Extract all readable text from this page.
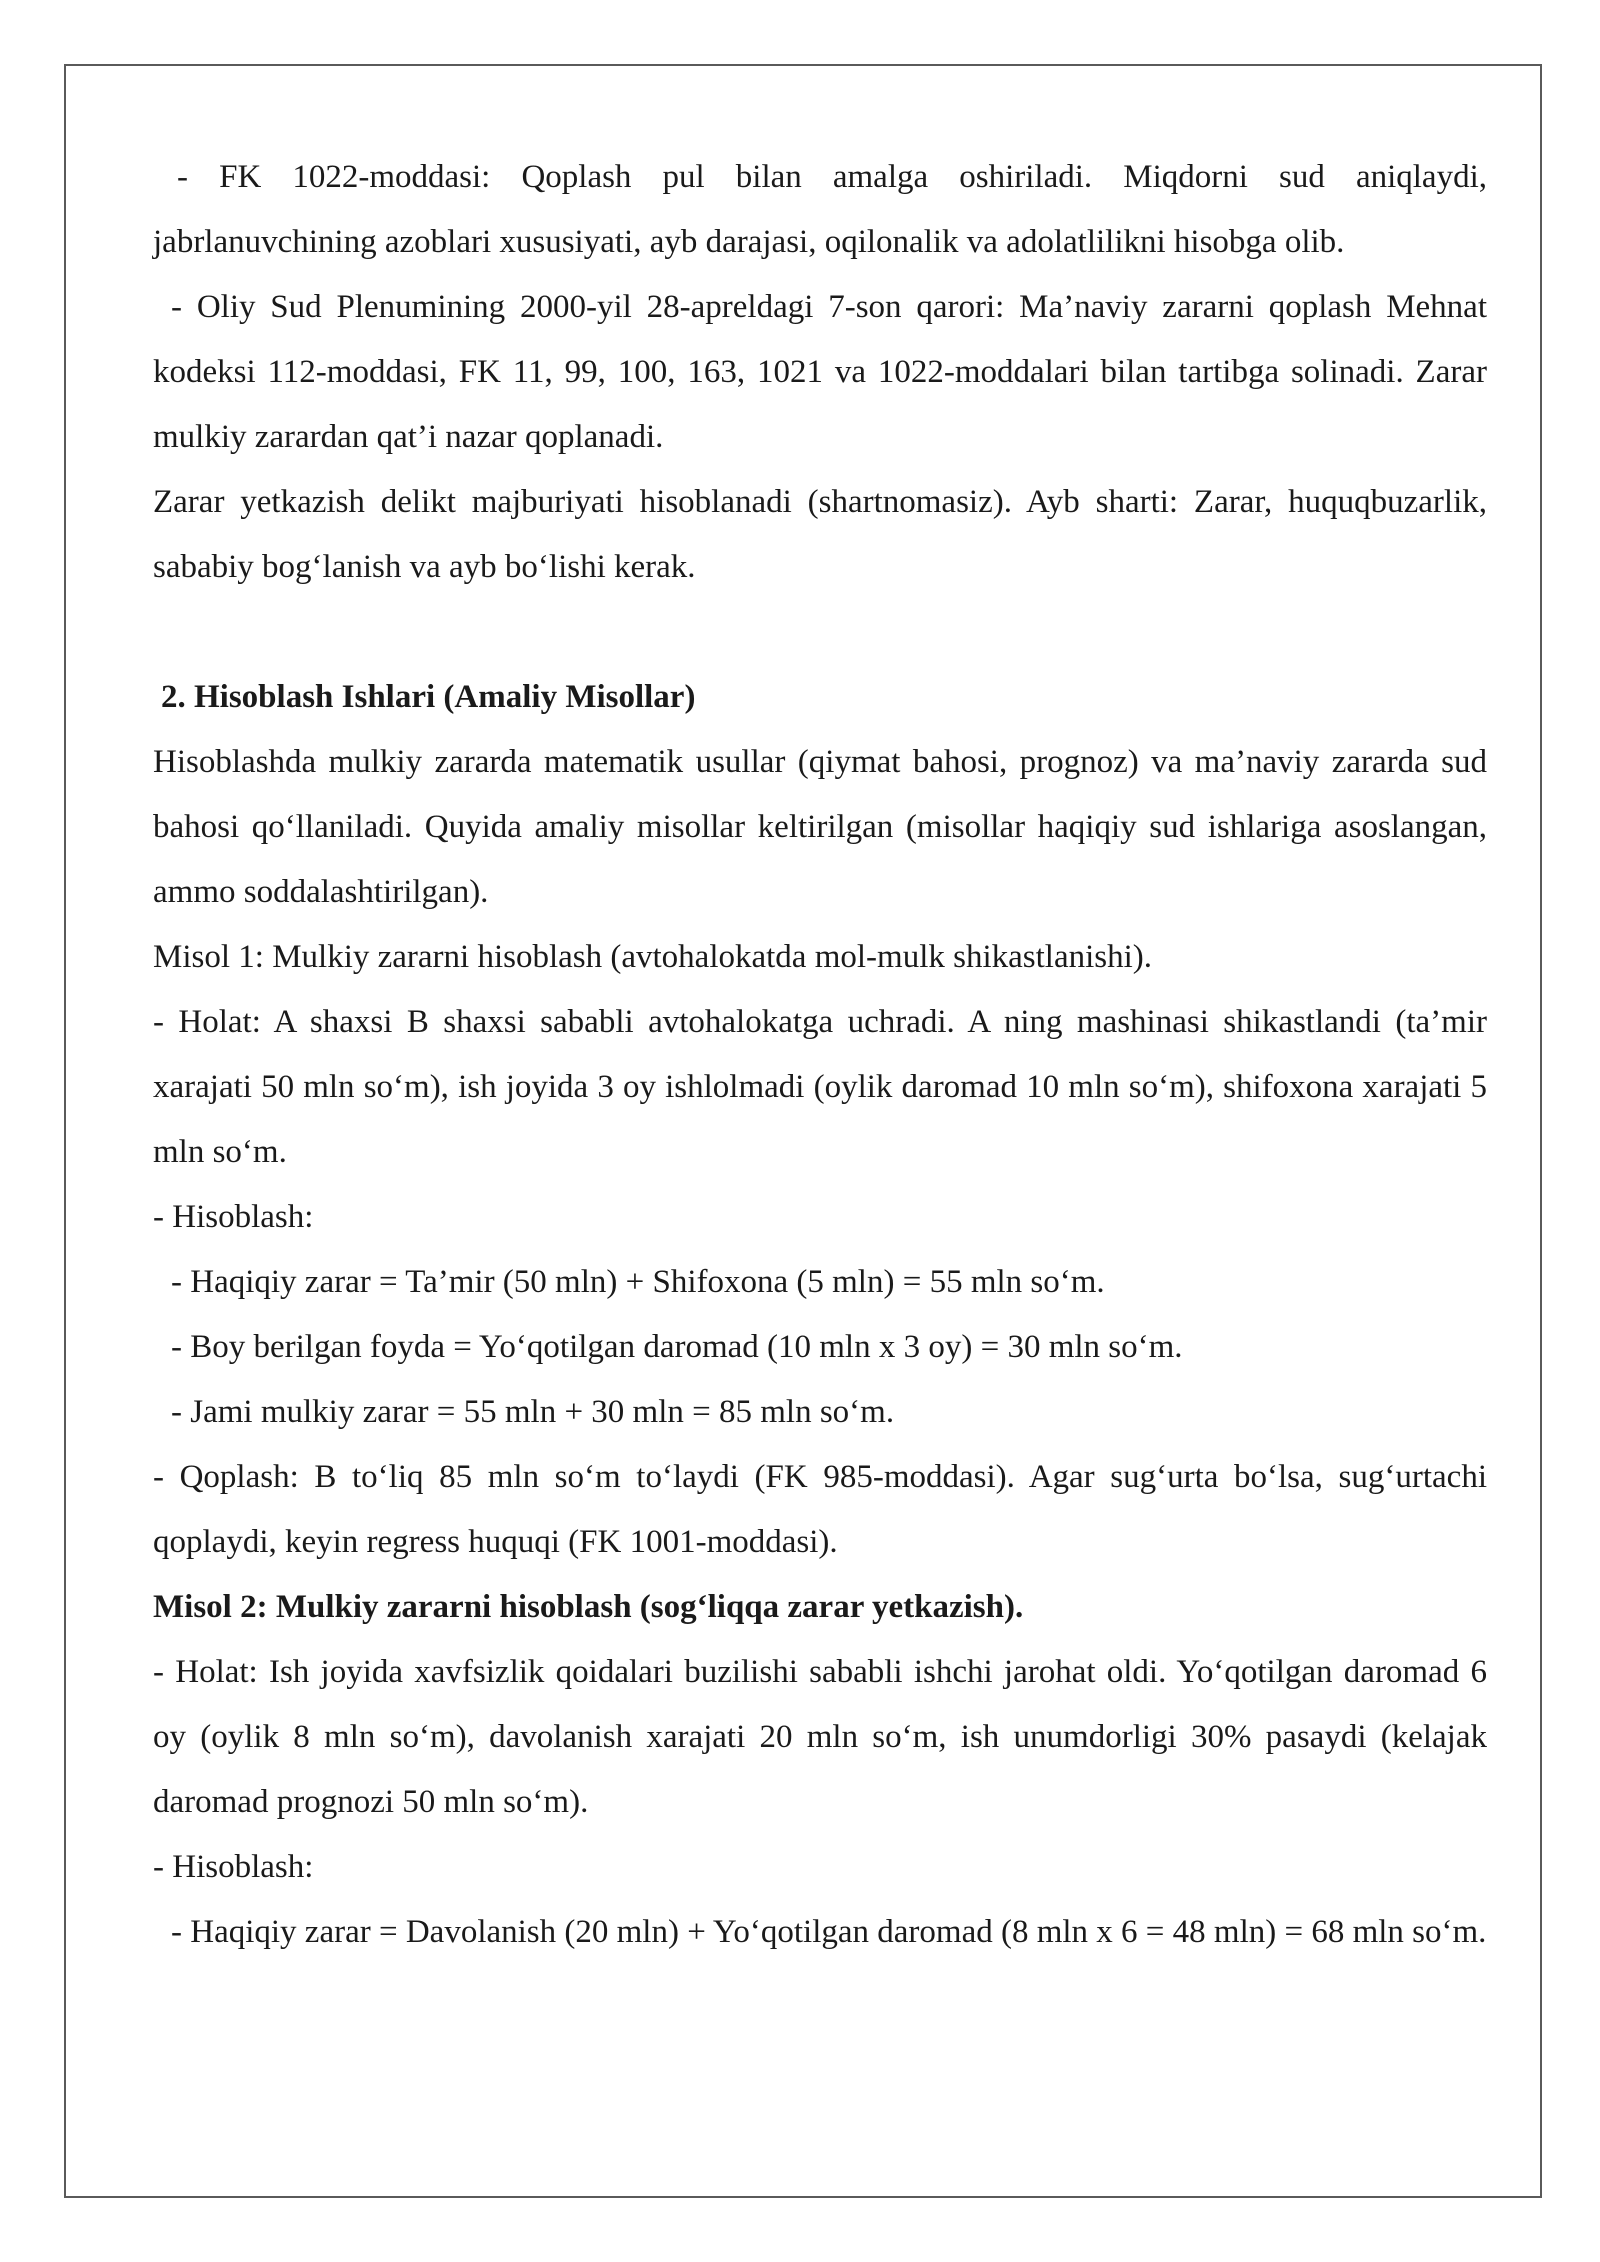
- FK 1022-moddasi: Qoplash pul bilan amalga oshiriladi. Miqdorni sud aniqlaydi, jabrlanuvchining azoblari xususiyati, ayb darajasi, oqilonalik va adolatlilikni hisobga olib.

- Oliy Sud Plenumining 2000-yil 28-apreldagi 7-son qarori: Ma’naviy zararni qoplash Mehnat kodeksi 112-moddasi, FK 11, 99, 100, 163, 1021 va 1022-moddalari bilan tartibga solinadi. Zarar mulkiy zarardan qat’i nazar qoplanadi.

Zarar yetkazish delikt majburiyati hisoblanadi (shartnomasiz). Ayb sharti: Zarar, huquqbuzarlik, sababiy bog‘lanish va ayb bo‘lishi kerak.

2. Hisoblash Ishlari (Amaliy Misollar)

Hisoblashda mulkiy zararda matematik usullar (qiymat bahosi, prognoz) va ma’naviy zararda sud bahosi qo‘llaniladi. Quyida amaliy misollar keltirilgan (misollar haqiqiy sud ishlariga asoslangan, ammo soddalashtirilgan).

Misol 1: Mulkiy zararni hisoblash (avtohalokatda mol-mulk shikastlanishi).

- Holat: A shaxsi B shaxsi sababli avtohalokatga uchradi. A ning mashinasi shikastlandi (ta’mir xarajati 50 mln so‘m), ish joyida 3 oy ishlolmadi (oylik daromad 10 mln so‘m), shifoxona xarajati 5 mln so‘m.

- Hisoblash:

- Haqiqiy zarar = Ta’mir (50 mln) + Shifoxona (5 mln) = 55 mln so‘m.

- Boy berilgan foyda = Yo‘qotilgan daromad (10 mln x 3 oy) = 30 mln so‘m.

- Jami mulkiy zarar = 55 mln + 30 mln = 85 mln so‘m.

- Qoplash: B to‘liq 85 mln so‘m to‘laydi (FK 985-moddasi). Agar sug‘urta bo‘lsa, sug‘urtachi qoplaydi, keyin regress huquqi (FK 1001-moddasi).

Misol 2: Mulkiy zararni hisoblash (sog‘liqqa zarar yetkazish).

- Holat: Ish joyida xavfsizlik qoidalari buzilishi sababli ishchi jarohat oldi. Yo‘qotilgan daromad 6 oy (oylik 8 mln so‘m), davolanish xarajati 20 mln so‘m, ish unumdorligi 30% pasaydi (kelajak daromad prognozi 50 mln so‘m).

- Hisoblash:

- Haqiqiy zarar = Davolanish (20 mln) + Yo‘qotilgan daromad (8 mln x 6 = 48 mln) = 68 mln so‘m.
